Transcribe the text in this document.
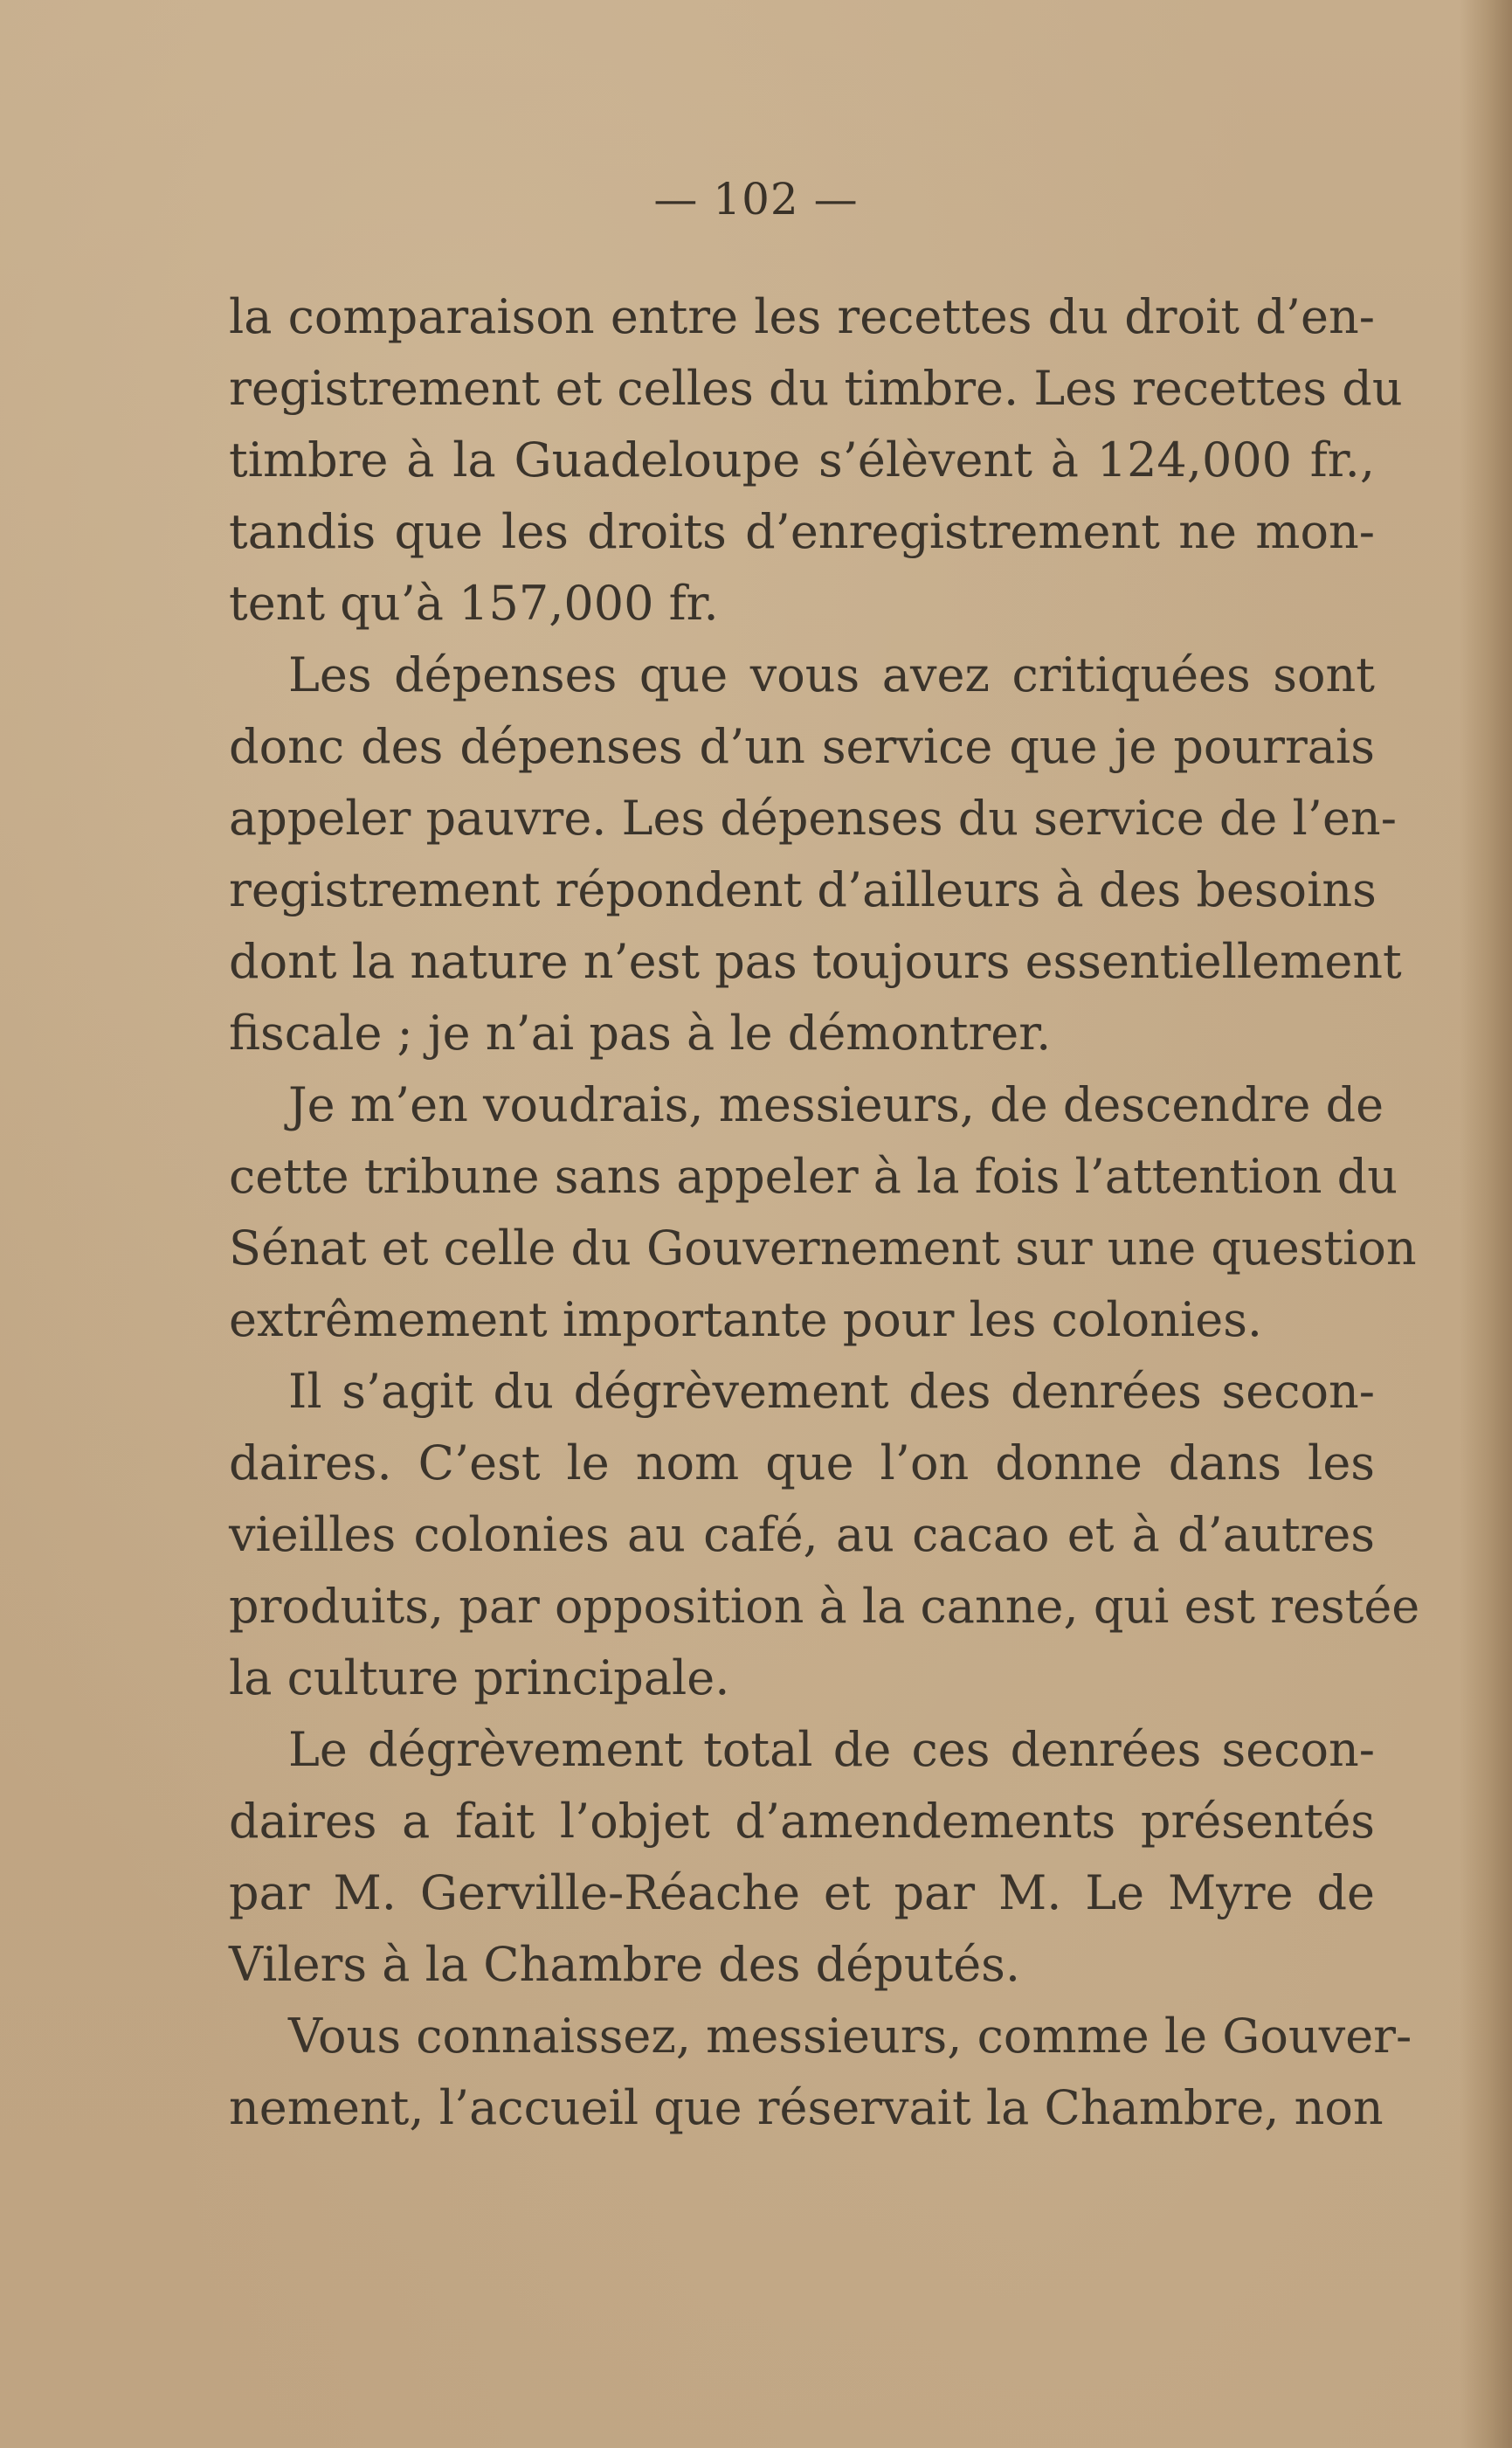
— 102 —
la comparaison entre les recettes du droit d’en-
registrement et celles du timbre. Les recettes du
timbre à la Guadeloupe s’élèvent à 124,000 fr.,
tandis que les droits d’enregistrement ne mon-
tent qu’à 157,000 fr.
Les dépenses que vous avez critiquées sont
donc des dépenses d’un service que je pourrais
appeler pauvre. Les dépenses du service de l’en-
registrement répondent d’ailleurs à des besoins
dont la nature n’est pas toujours essentiellement
fiscale ; je n’ai pas à le démontrer.
Je m’en voudrais, messieurs, de descendre de
cette tribune sans appeler à la fois l’attention du
Sénat et celle du Gouvernement sur une question
extrêmement importante pour les colonies.
Il s’agit du dégrèvement des denrées secon-
daires. C’est le nom que l’on donne dans les
vieilles colonies au café, au cacao et à d’autres
produits, par opposition à la canne, qui est restée
la culture principale.
Le dégrèvement total de ces denrées secon-
daires a fait l’objet d’amendements présentés
par M. Gerville-Réache et par M. Le Myre de
Vilers à la Chambre des députés.
Vous connaissez, messieurs, comme le Gouver-
nement, l’accueil que réservait la Chambre, non
